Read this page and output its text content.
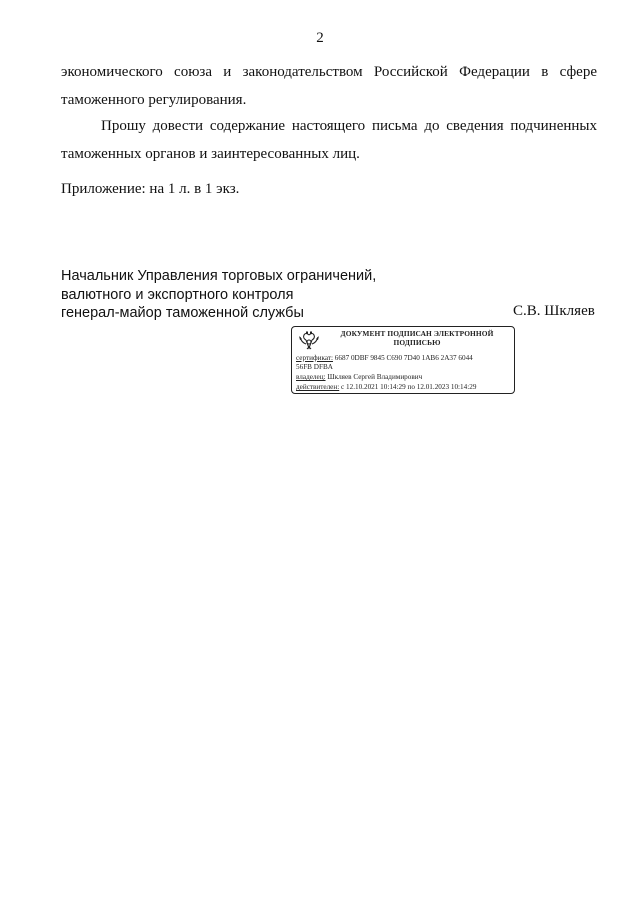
2
экономического союза и законодательством Российской Федерации в сфере
таможенного регулирования.
Прошу довести содержание настоящего письма до сведения подчиненных
таможенных органов и заинтересованных лиц.
Приложение: на 1 л. в 1 экз.
Начальник Управления торговых ограничений,
валютного и экспортного контроля
генерал-майор таможенной службы	С.В. Шкляев
ДОКУМЕНТ ПОДПИСАН ЭЛЕКТРОННОЙ
ПОДПИСЬЮ
сертификат: 6687 0DBF 9845 C690 7D40 1AB6 2A37 6044
56FB DFBA
владелец: Шкляев Сергей Владимирович
действителен: с 12.10.2021 10:14:29 по 12.01.2023 10:14:29
